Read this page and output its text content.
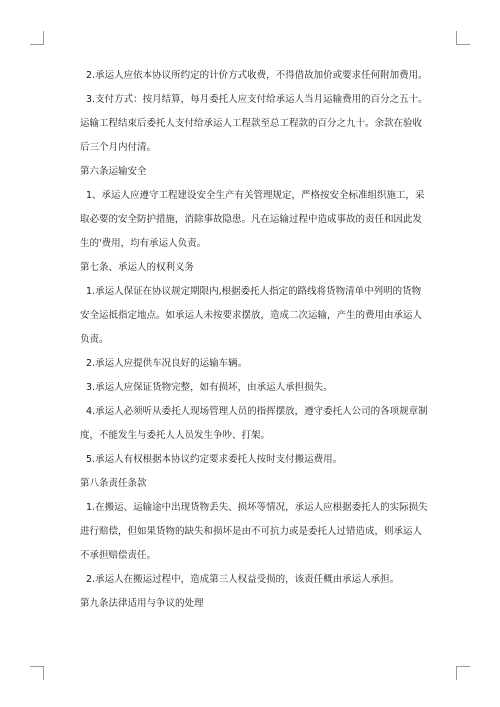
2.承运人应依本协议所约定的计价方式收费，不得借故加价或要求任何附加费用。

3.支付方式：按月结算，每月委托人应支付给承运人当月运输费用的百分之五十。运输工程结束后委托人支付给承运人工程款至总工程款的百分之九十。余款在验收后三个月内付清。

第六条运输安全

1、承运人应遵守工程建设安全生产有关管理规定，严格按安全标准组织施工，采取必要的安全防护措施，消除事故隐患。凡在运输过程中造成事故的责任和因此发生的'费用，均有承运人负责。

第七条、承运人的权利义务

1.承运人保证在协议规定期限内,根据委托人指定的路线将货物清单中列明的货物安全运抵指定地点。如承运人未按要求摆放，造成二次运输，产生的费用由承运人负责。

2.承运人应提供车况良好的运输车辆。

3.承运人应保证货物完整，如有损坏，由承运人承担损失。

4.承运人必须听从委托人现场管理人员的指挥摆放，遵守委托人公司的各项规章制度，不能发生与委托人人员发生争吵、打架。

5.承运人有权根据本协议约定要求委托人按时支付搬运费用。

第八条责任条款

1.在搬运、运输途中出现货物丢失、损坏等情况，承运人应根据委托人的实际损失进行赔偿，但如果货物的缺失和损坏是由不可抗力或是委托人过错造成，则承运人不承担赔偿责任。

2.承运人在搬运过程中，造成第三人权益受损的，该责任概由承运人承担。

第九条法律适用与争议的处理
